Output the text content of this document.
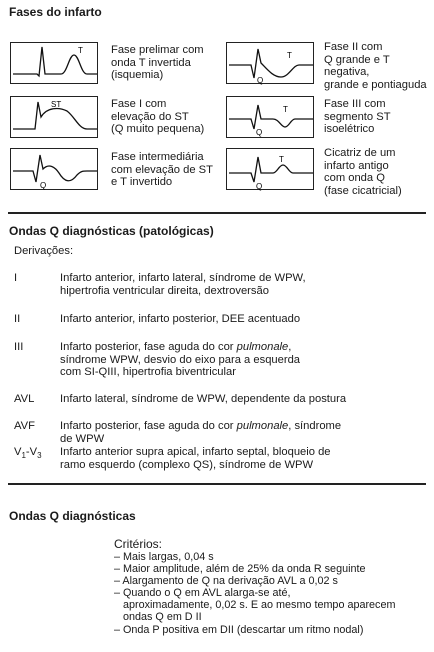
Fases do infarto
T	Fase prelimar com
onda T invertida
(isquemia)
T
Q
Fase II com
Q grande e T
negativa,
grande e pontiaguda
ST	Fase I com
elevação do ST
(Q muito pequena)
T
Q
Fase III com
segmento ST
isoelétrico
Q
Fase intermediária
com elevação de ST
e T invertido
T
Q
Cicatriz de um
infarto antigo
com onda Q
(fase cicatricial)
Ondas Q diagnósticas (patológicas)
Derivações:
I	Infarto anterior, infarto lateral, síndrome de WPW,
hipertrofia ventricular direita, dextroversão
II	Infarto anterior, infarto posterior, DEE acentuado
III	Infarto posterior, fase aguda do cor pulmonale,
síndrome WPW, desvio do eixo para a esquerda
com SI-QIII, hipertrofia biventricular
AVL Infarto lateral, síndrome de WPW, dependente da postura
AVF Infarto posterior, fase aguda do cor pulmonale, síndrome
de WPW
$V_1-V_3$ Infarto anterior supra apical, infarto septal, bloqueio de
ramo esquerdo (complexo QS), síndrome de WPW
Ondas Q diagnósticas
Critérios:
– Mais largas, 0,04 s
– Maior amplitude, além de 25% da onda R seguinte
– Alargamento de Q na derivação AVL a 0,02 s
– Quando o Q em AVL alarga-se até,
aproximadamente, 0,02 s. E ao mesmo tempo aparecem
ondas Q em D II
– Onda P positiva em DII (descartar um ritmo nodal)
